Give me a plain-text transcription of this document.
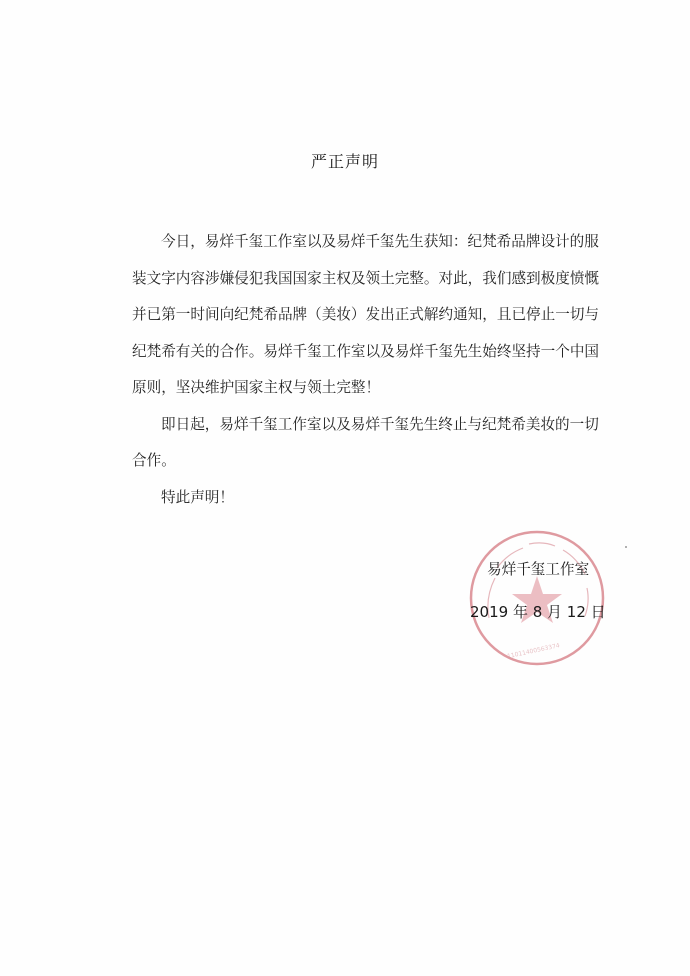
严正声明

今日，易烊千玺工作室以及易烊千玺先生获知：纪梵希品牌设计的服
装文字内容涉嫌侵犯我国国家主权及领土完整。对此，我们感到极度愤慨
并已第一时间向纪梵希品牌（美妆）发出正式解约通知，且已停止一切与
纪梵希有关的合作。易烊千玺工作室以及易烊千玺先生始终坚持一个中国
原则，坚决维护国家主权与领土完整！

即日起，易烊千玺工作室以及易烊千玺先生终止与纪梵希美妆的一切
合作。

特此声明！

11011400563374
易烊千玺工作室
2019 年 8 月 12 日
